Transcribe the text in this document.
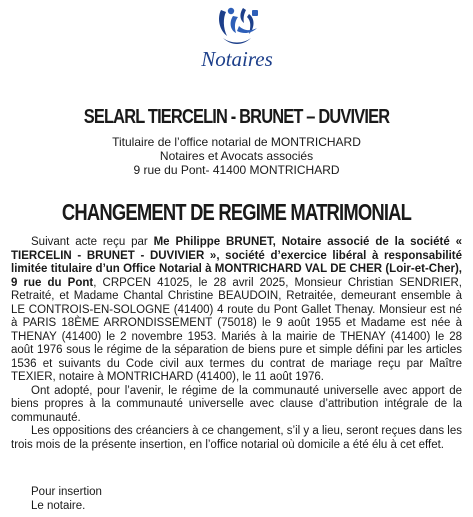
Notaires
SELARL TIERCELIN - BRUNET – DUVIVIER
Titulaire de l’office notarial de MONTRICHARD
Notaires et Avocats associés
9 rue du Pont- 41400 MONTRICHARD
CHANGEMENT DE REGIME MATRIMONIAL

Suivant acte reçu par Me Philippe BRUNET, Notaire associé de la société « TIERCELIN - BRUNET - DUVIVIER », société d’exercice libéral à responsabilité limitée titulaire d’un Office Notarial à MONTRICHARD VAL DE CHER (Loir-et-Cher), 9 rue du Pont, CRPCEN 41025, le 28 avril 2025, Monsieur Christian SENDRIER, Retraité, et Madame Chantal Christine BEAUDOIN, Retraitée, demeurant ensemble à LE CONTROIS-EN-SOLOGNE (41400) 4 route du Pont Gallet Thenay. Monsieur est né à PARIS 18ÈME ARRONDISSEMENT (75018) le 9 août 1955 et Madame est née à THENAY (41400) le 2 novembre 1953. Mariés à la mairie de THENAY (41400) le 28 août 1976 sous le régime de la séparation de biens pure et simple défini par les articles 1536 et suivants du Code civil aux termes du contrat de mariage reçu par Maître TEXIER, notaire à MONTRICHARD (41400), le 11 août 1976.

Ont adopté, pour l’avenir, le régime de la communauté universelle avec apport de biens propres à la communauté universelle avec clause d’attribution intégrale de la communauté.

Les oppositions des créanciers à ce changement, s’il y a lieu, seront reçues dans les trois mois de la présente insertion, en l’office notarial où domicile a été élu à cet effet.

Pour insertion
Le notaire.
